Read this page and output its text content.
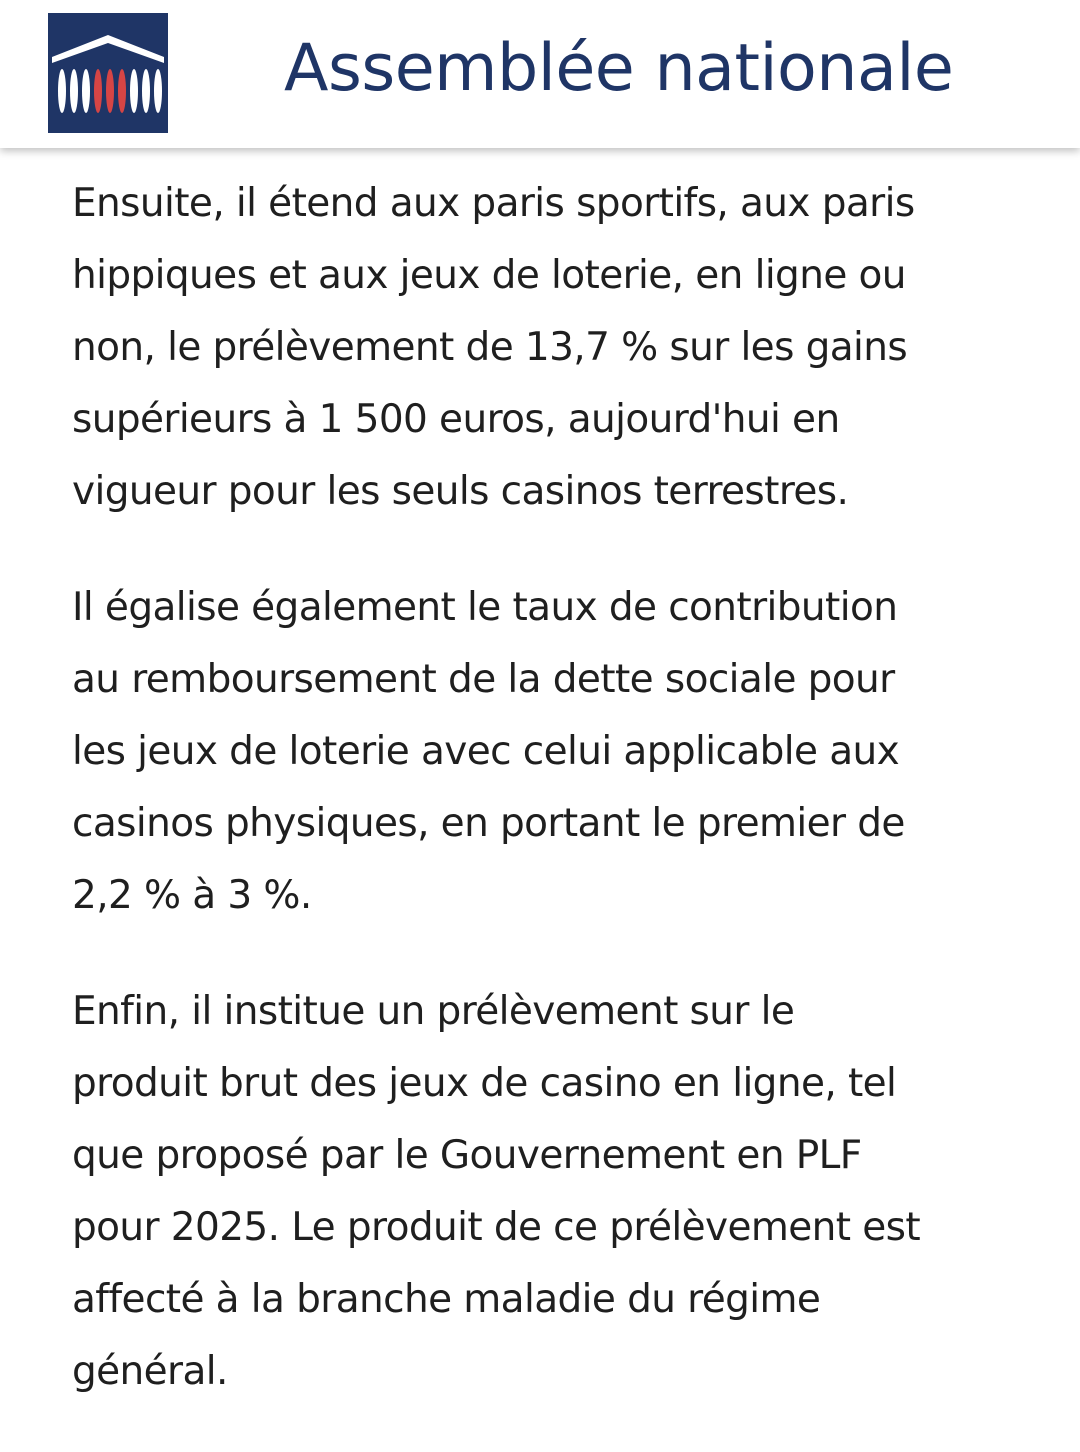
Assemblée nationale

Ensuite, il étend aux paris sportifs, aux paris
hippiques et aux jeux de loterie, en ligne ou
non, le prélèvement de 13,7 % sur les gains
supérieurs à 1 500 euros, aujourd'hui en
vigueur pour les seuls casinos terrestres.

Il égalise également le taux de contribution
au remboursement de la dette sociale pour
les jeux de loterie avec celui applicable aux
casinos physiques, en portant le premier de
2,2 % à 3 %.

Enfin, il institue un prélèvement sur le
produit brut des jeux de casino en ligne, tel
que proposé par le Gouvernement en PLF
pour 2025. Le produit de ce prélèvement est
affecté à la branche maladie du régime
général.
